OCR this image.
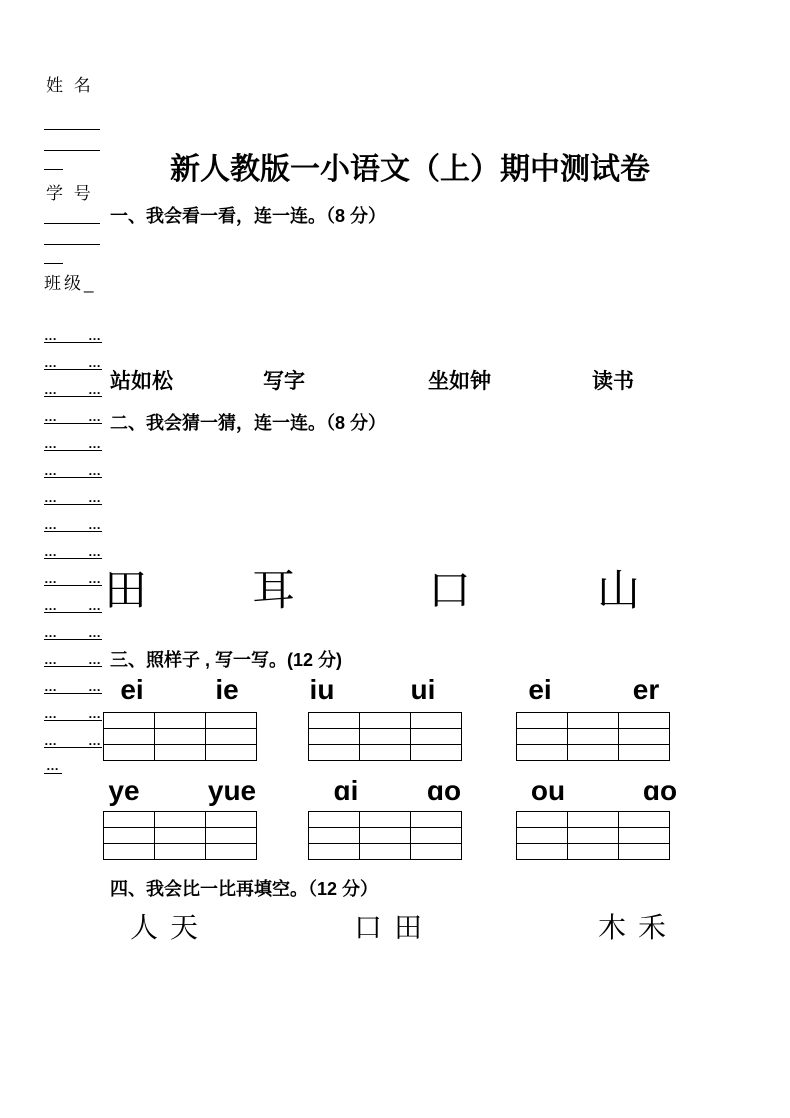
姓 名
学 号
班级_
… …
… …
… …
… …
… …
… …
… …
… …
… …
… …
… …
… …
… …
… …
… …
… …
…
新人教版一小语文（上）期中测试卷
一、我会看一看，连一连。（8 分）
站如松	写字	坐如钟	读书
二、我会猜一猜，连一连。（8 分）
田 耳	口	山
三、照样子 , 写一写。(12 分)
ei	ie	iu	ui	ei	er

ye yue	ɑi ɑo ou	ɑo

四、我会比一比再填空。（12 分）
人 天	口 田	木 禾
